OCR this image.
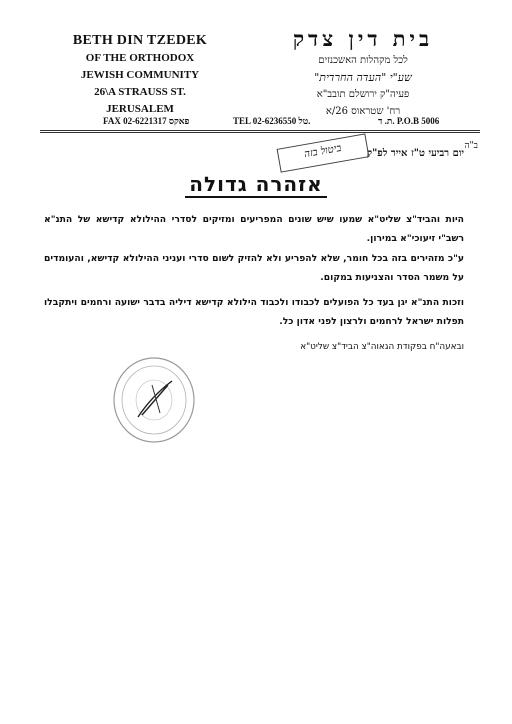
BETH DIN TZEDEK
OF THE ORTHODOX
JEWISH COMMUNITY
26\A STRAUSS ST.
JERUSALEM
בית דין צדק
לכל מקהלות האשכנזים
שע"י "העדה החרדית"
פעיה"ק ירושלם תובב"א
רח' שטראוס 26/א
FAX 02-6221317 פאקס	TEL 02-6236550 טל.	ת. ד. P.O.B 5006
ב"ה
יום רביעי ט"ז אייר לפ"ק
ביטול בזה
אזהרה גדולה
היות והביד"צ שליט"א שמעו שיש שונים המפריעים ומזיקים לסדרי ההילולא קדישא של התנ"א רשב"י זיעוכי"א במירון.
ע"כ מזהירים בזה בכל חומר, שלא להפריע ולא להזיק לשום סדרי ועניני ההילולא קדישא, והעומדים על משמר הסדר והצניעות במקום.
וזכות התנ"א יגן בעד כל הפועלים לכבודו ולכבוד הילולא קדישא דיליה בדבר ישועה ורחמים ויתקבלו תפלות ישראל לרחמים ולרצון לפני אדון כל.
ובאעה"ח בפקודת הגאוה"צ הביד"צ שליט"א
